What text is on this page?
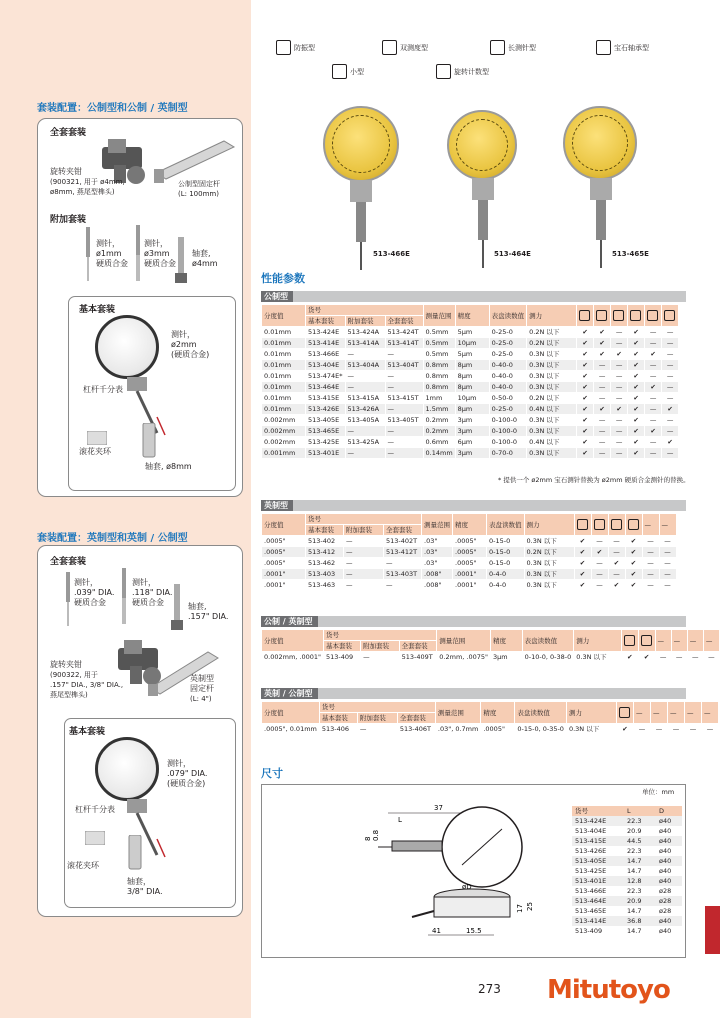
套装配置：公制型和公制 / 英制型
全套套装
旋转夹钳
(900321, 用于 ø4mm,
ø8mm, 燕尾型榫头)
公制型固定杆
(L: 100mm)
附加套装
测针，
ø1mm
硬质合金
测针，
ø3mm
硬质合金
轴套,
ø4mm
基本套装
测针，
ø2mm
(硬质合金)
杠杆千分表
滚花夹环
轴套, ø8mm
套装配置：英制型和英制 / 公制型
全套套装
测针，
.039" DIA.
硬质合金
测针，
.118" DIA.
硬质合金	轴套,
.157" DIA.
旋转夹钳
(900322, 用于
.157" DIA., 3/8" DIA.,
燕尾型榫头)
英制型
固定杆
(L: 4")
基本套装
测针，
.079" DIA.
(硬质合金)
杠杆千分表
滚花夹环
轴套，
3/8" DIA.
防振型	双测度型	长测针型	宝石轴承型
小型	旋转计数型
513-466E	513-464E	513-465E
性能参数
公制型
分度值	货号			测量范围	精度	表盘读数值	测力						
	基本套装	附加套装	全套套装										
0.01mm	513-424E	513-424A	513-424T	0.5mm	5µm	0-25-0	0.2N 以下	✔	✔	—	✔	—	—
0.01mm	513-414E	513-414A	513-414T	0.5mm	10µm	0-25-0	0.2N 以下	✔	✔	—	✔	—	—
0.01mm	513-466E	—	—	0.5mm	5µm	0-25-0	0.3N 以下	✔	✔	✔	✔	✔	—
0.01mm	513-404E	513-404A	513-404T	0.8mm	8µm	0-40-0	0.3N 以下	✔	—	—	✔	—	—
0.01mm	513-474E*	—	—	0.8mm	8µm	0-40-0	0.3N 以下	✔	—	—	✔	—	—
0.01mm	513-464E	—	—	0.8mm	8µm	0-40-0	0.3N 以下	✔	—	—	✔	✔	—
0.01mm	513-415E	513-415A	513-415T	1mm	10µm	0-50-0	0.2N 以下	✔	—	—	✔	—	—
0.01mm	513-426E	513-426A	—	1.5mm	8µm	0-25-0	0.4N 以下	✔	✔	✔	✔	—	✔
0.002mm	513-405E	513-405A	513-405T	0.2mm	3µm	0-100-0	0.3N 以下	✔	—	—	✔	—	—
0.002mm	513-465E	—	—	0.2mm	3µm	0-100-0	0.3N 以下	✔	—	—	✔	✔	—
0.002mm	513-425E	513-425A	—	0.6mm	6µm	0-100-0	0.4N 以下	✔	—	—	✔	—	✔
0.001mm	513-401E	—	—	0.14mm	3µm	0-70-0	0.3N 以下	✔	—	—	✔	—	—
* 提供一个 ø2mm 宝石测针替换为 ø2mm 硬质合金测针的替换。
英制型
分度值	货号			测量范围	精度	表盘读数值	测力					—	—
	基本套装	附加套装	全套套装										
.0005"	513-402	—	513-402T	.03"	.0005"	0-15-0	0.3N 以下	✔	—	—	✔	—	—
.0005"	513-412	—	513-412T	.03"	.0005"	0-15-0	0.2N 以下	✔	✔	—	✔	—	—
.0005"	513-462	—	—	.03"	.0005"	0-15-0	0.3N 以下	✔	—	✔	✔	—	—
.0001"	513-403	—	513-403T	.008"	.0001"	0-4-0	0.3N 以下	✔	—	—	✔	—	—
.0001"	513-463	—	—	.008"	.0001"	0-4-0	0.3N 以下	✔	—	✔	✔	—	—
公制 / 英制型
分度值	货号			测量范围	精度	表盘读数值	测力			—	—	—	—
	基本套装	附加套装	全套套装										
0.002mm, .0001"	513-409	—	513-409T	0.2mm, .0075"	3µm	0-10-0, 0-38-0	0.3N 以下	✔	✔	—	—	—	—
英制 / 公制型
分度值	货号			测量范围	精度	表盘读数值	测力		—	—	—	—	—
	基本套装	附加套装	全套套装										
.0005", 0.01mm	513-406	—	513-406T	.03", 0.7mm	.0005"	0-15-0, 0-35-0	0.3N 以下	✔	—	—	—	—	—
尺寸
37
L
8 0.8
øD
41	15.5
17 25
单位：mm
货号	L	D
513-424E	22.3	ø40
513-404E	20.9	ø40
513-415E	44.5	ø40
513-426E	22.3	ø40
513-405E	14.7	ø40
513-425E	14.7	ø40
513-401E	12.8	ø40
513-466E	22.3	ø28
513-464E	20.9	ø28
513-465E	14.7	ø28
513-414E	36.8	ø40
513-409	14.7	ø40
273 Mitutoyo
